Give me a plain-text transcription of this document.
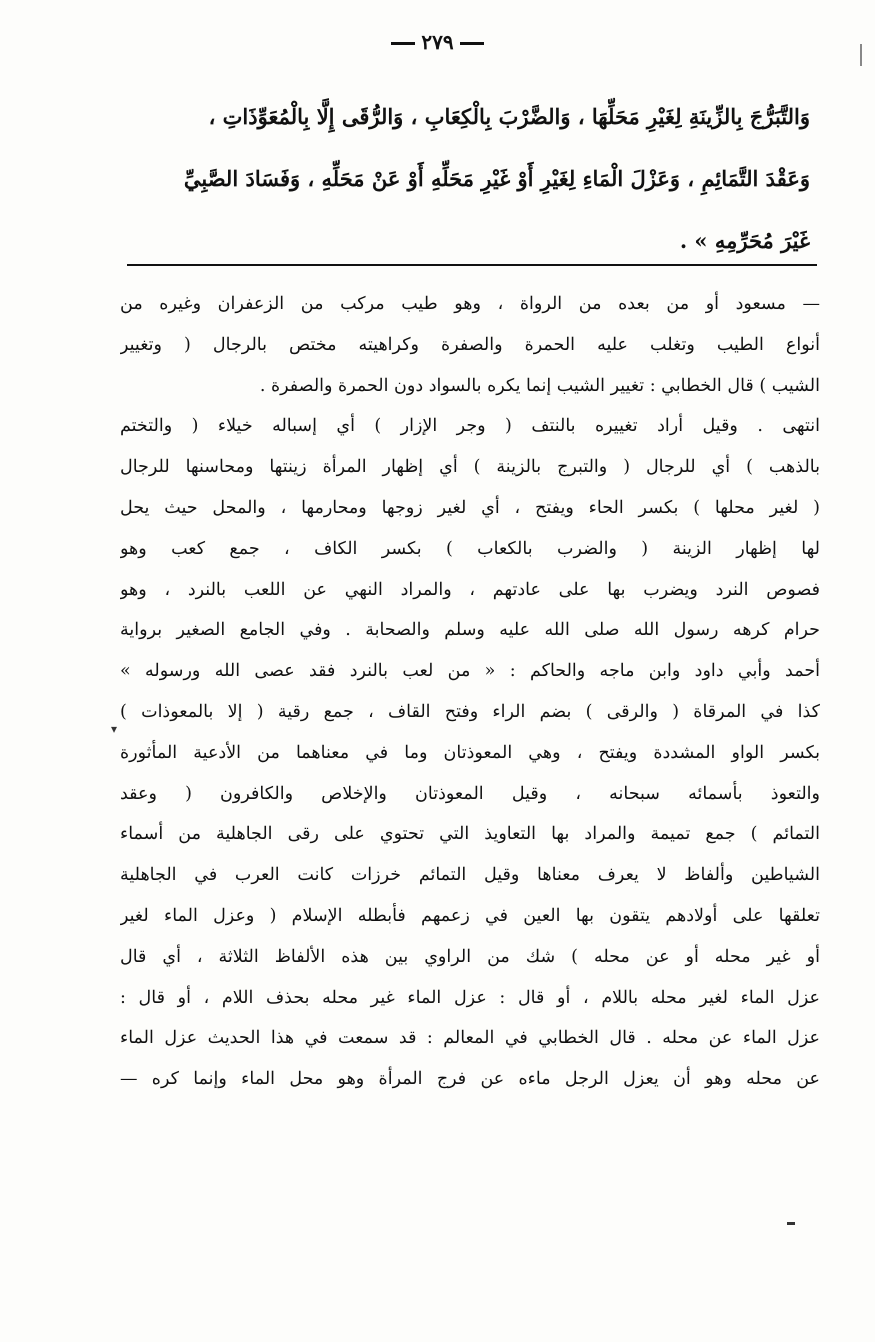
٢٧٩
وَالتَّبَرُّجَ بِالزِّينَةِ لِغَيْرِ مَحَلِّهَا ، وَالضَّرْبَ بِالْكِعَابِ ، وَالرُّقَى إِلَّا بِالْمُعَوِّذَاتِ ،
وَعَقْدَ التَّمَائِمِ ، وَعَزْلَ الْمَاءِ لِغَيْرِ أَوْ غَيْرِ مَحَلِّهِ أَوْ عَنْ مَحَلِّهِ ، وَفَسَادَ الصَّبِيِّ
غَيْرَ مُحَرِّمِهِ » .
— مسعود أو من بعده من الرواة ، وهو طيب مركب من الزعفران وغيره من
أنواع الطيب وتغلب عليه الحمرة والصفرة وكراهيته مختص بالرجال ( وتغيير
الشيب ) قال الخطابي : تغيير الشيب إنما يكره بالسواد دون الحمرة والصفرة .
انتهى . وقيل أراد تغييره بالنتف ( وجر الإزار ) أي إسباله خيلاء ( والتختم
بالذهب ) أي للرجال ( والتبرج بالزينة ) أي إظهار المرأة زينتها ومحاسنها للرجال
( لغير محلها ) بكسر الحاء ويفتح ، أي لغير زوجها ومحارمها ، والمحل حيث يحل
لها إظهار الزينة ( والضرب بالكعاب ) بكسر الكاف ، جمع كعب وهو
فصوص النرد ويضرب بها على عادتهم ، والمراد النهي عن اللعب بالنرد ، وهو
حرام كرهه رسول الله صلى الله عليه وسلم والصحابة . وفي الجامع الصغير برواية
أحمد وأبي داود وابن ماجه والحاكم : « من لعب بالنرد فقد عصى الله ورسوله »
كذا في المرقاة ( والرقى ) بضم الراء وفتح القاف ، جمع رقية ( إلا بالمعوذات )
بكسر الواو المشددة ويفتح ، وهي المعوذتان وما في معناهما من الأدعية المأثورة
والتعوذ بأسمائه سبحانه ، وقيل المعوذتان والإخلاص والكافرون ( وعقد
التمائم ) جمع تميمة والمراد بها التعاويذ التي تحتوي على رقى الجاهلية من أسماء
الشياطين وألفاظ لا يعرف معناها وقيل التمائم خرزات كانت العرب في الجاهلية
تعلقها على أولادهم يتقون بها العين في زعمهم فأبطله الإسلام ( وعزل الماء لغير
أو غير محله أو عن محله ) شك من الراوي بين هذه الألفاظ الثلاثة ، أي قال
عزل الماء لغير محله باللام ، أو قال : عزل الماء غير محله بحذف اللام ، أو قال :
عزل الماء عن محله . قال الخطابي في المعالم : قد سمعت في هذا الحديث عزل الماء
عن محله وهو أن يعزل الرجل ماءه عن فرج المرأة وهو محل الماء وإنما كره —
▾
